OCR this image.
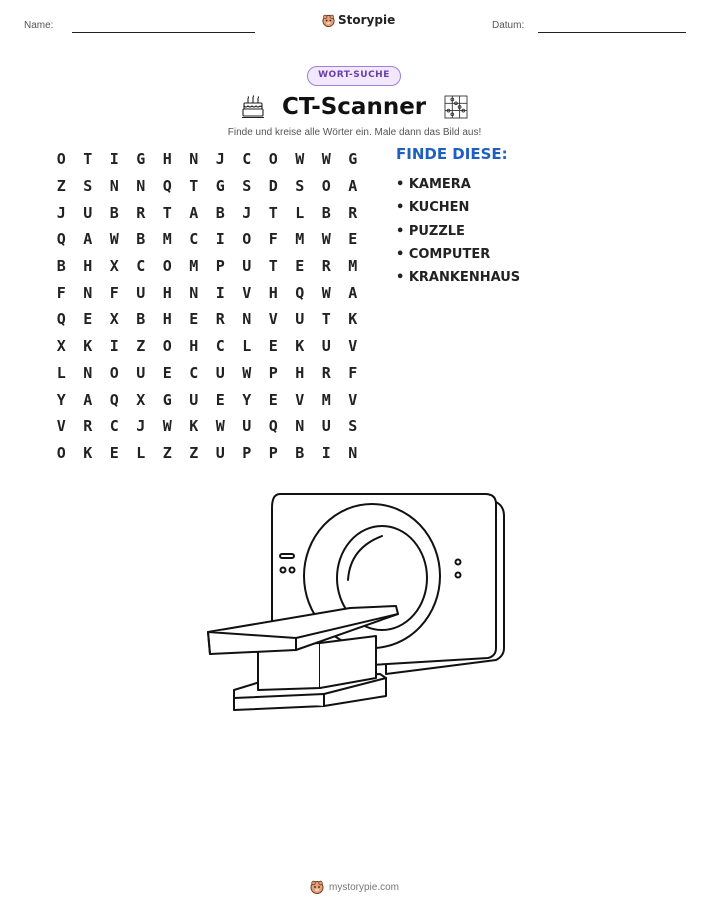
Name:	Storypie	Datum:
WORT-SUCHE
CT-Scanner
Finde und kreise alle Wörter ein. Male dann das Bild aus!
O	T	I	G	H	N	J	C	O	W	W	G
Z	S	N	N	Q	T	G	S	D	S	O	A
J	U	B	R	T	A	B	J	T	L	B	R
Q	A	W	B	M	C	I	O	F	M	W	E
B	H	X	C	O	M	P	U	T	E	R	M
F	N	F	U	H	N	I	V	H	Q	W	A
Q	E	X	B	H	E	R	N	V	U	T	K
X	K	I	Z	O	H	C	L	E	K	U	V
L	N	O	U	E	C	U	W	P	H	R	F
Y	A	Q	X	G	U	E	Y	E	V	M	V
V	R	C	J	W	K	W	U	Q	N	U	S
O	K	E	L	Z	Z	U	P	P	B	I	N
FINDE DIESE:
• KAMERA
• KUCHEN
• PUZZLE
• COMPUTER
• KRANKENHAUS
mystorypie.com
